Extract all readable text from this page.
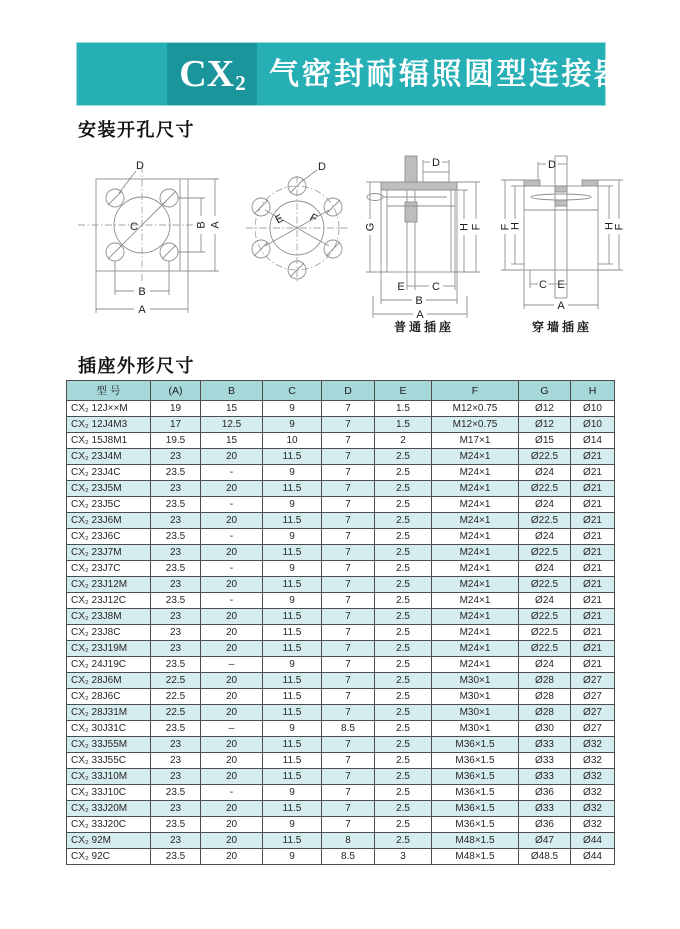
CX 2 气密封耐辐照圆型连接器
安装开孔尺寸
D
C	B A
B
A
D
E F
D
G	H F
E C
B
A
D
F
H	H
F
C E
A
普通插座	穿墙插座
插座外形尺寸
型 号	(A)	B	C	D	E	F	G	H
CX₂ 12J××M	19	15	9	7	1.5	M12×0.75	Ø12	Ø10
CX₂ 12J4M3	17	12.5	9	7	1.5	M12×0.75	Ø12	Ø10
CX₂ 15J8M1	19.5	15	10	7	2	M17×1	Ø15	Ø14
CX₂ 23J4M	23	20	11.5	7	2.5	M24×1	Ø22.5	Ø21
CX₂ 23J4C	23.5	-	9	7	2.5	M24×1	Ø24	Ø21
CX₂ 23J5M	23	20	11.5	7	2.5	M24×1	Ø22.5	Ø21
CX₂ 23J5C	23.5	-	9	7	2.5	M24×1	Ø24	Ø21
CX₂ 23J6M	23	20	11.5	7	2.5	M24×1	Ø22.5	Ø21
CX₂ 23J6C	23.5	-	9	7	2.5	M24×1	Ø24	Ø21
CX₂ 23J7M	23	20	11.5	7	2.5	M24×1	Ø22.5	Ø21
CX₂ 23J7C	23.5	-	9	7	2.5	M24×1	Ø24	Ø21
CX₂ 23J12M	23	20	11.5	7	2.5	M24×1	Ø22.5	Ø21
CX₂ 23J12C	23.5	-	9	7	2.5	M24×1	Ø24	Ø21
CX₂ 23J8M	23	20	11.5	7	2.5	M24×1	Ø22.5	Ø21
CX₂ 23J8C	23	20	11.5	7	2.5	M24×1	Ø22.5	Ø21
CX₂ 23J19M	23	20	11.5	7	2.5	M24×1	Ø22.5	Ø21
CX₂ 24J19C	23.5	–	9	7	2.5	M24×1	Ø24	Ø21
CX₂ 28J6M	22.5	20	11.5	7	2.5	M30×1	Ø28	Ø27
CX₂ 28J6C	22.5	20	11.5	7	2.5	M30×1	Ø28	Ø27
CX₂ 28J31M	22.5	20	11.5	7	2.5	M30×1	Ø28	Ø27
CX₂ 30J31C	23.5	–	9	8.5	2.5	M30×1	Ø30	Ø27
CX₂ 33J55M	23	20	11.5	7	2.5	M36×1.5	Ø33	Ø32
CX₂ 33J55C	23	20	11.5	7	2.5	M36×1.5	Ø33	Ø32
CX₂ 33J10M	23	20	11.5	7	2.5	M36×1.5	Ø33	Ø32
CX₂ 33J10C	23.5	-	9	7	2.5	M36×1.5	Ø36	Ø32
CX₂ 33J20M	23	20	11.5	7	2.5	M36×1.5	Ø33	Ø32
CX₂ 33J20C	23.5	20	9	7	2.5	M36×1.5	Ø36	Ø32
CX₂ 92M	23	20	11.5	8	2.5	M48×1.5	Ø47	Ø44
CX₂ 92C	23.5	20	9	8.5	3	M48×1.5	Ø48.5	Ø44
